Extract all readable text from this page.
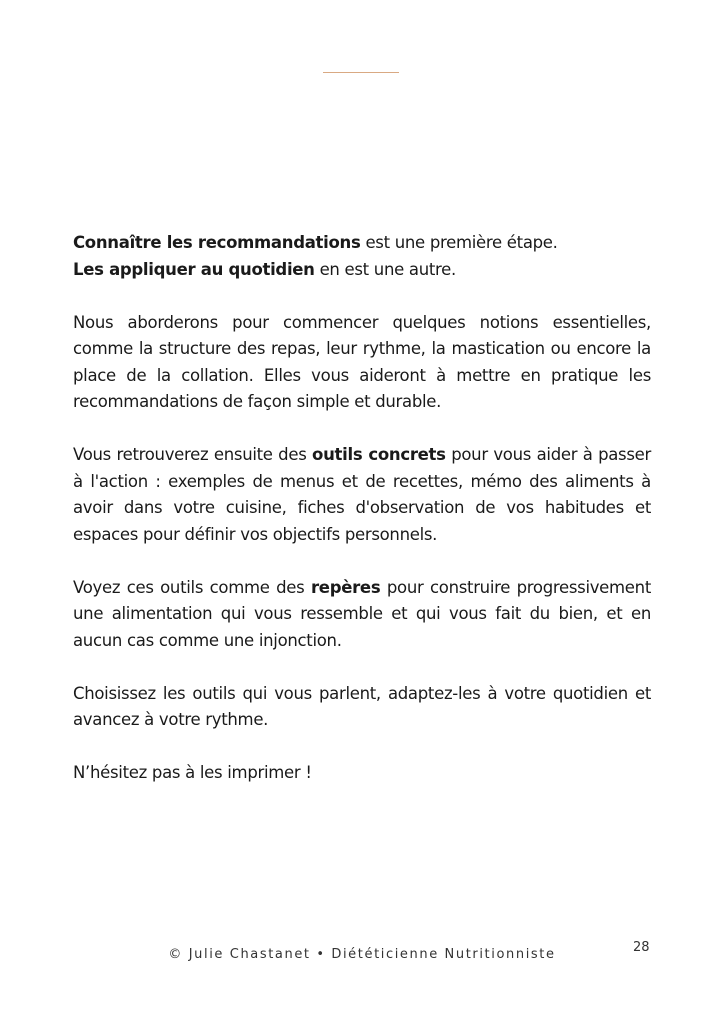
Connaître les recommandations est une première étape.
Les appliquer au quotidien en est une autre.

Nous aborderons pour commencer quelques notions essentielles, comme la structure des repas, leur rythme, la mastication ou encore la place de la collation. Elles vous aideront à mettre en pratique les recommandations de façon simple et durable.

Vous retrouverez ensuite des outils concrets pour vous aider à passer à l'action : exemples de menus et de recettes, mémo des aliments à avoir dans votre cuisine, fiches d'observation de vos habitudes et espaces pour définir vos objectifs personnels.

Voyez ces outils comme des repères pour construire progressivement une alimentation qui vous ressemble et qui vous fait du bien, et en aucun cas comme une injonction.

Choisissez les outils qui vous parlent, adaptez-les à votre quotidien et avancez à votre rythme.

N’hésitez pas à les imprimer !

© Julie Chastanet • Diététicienne Nutritionniste	28
